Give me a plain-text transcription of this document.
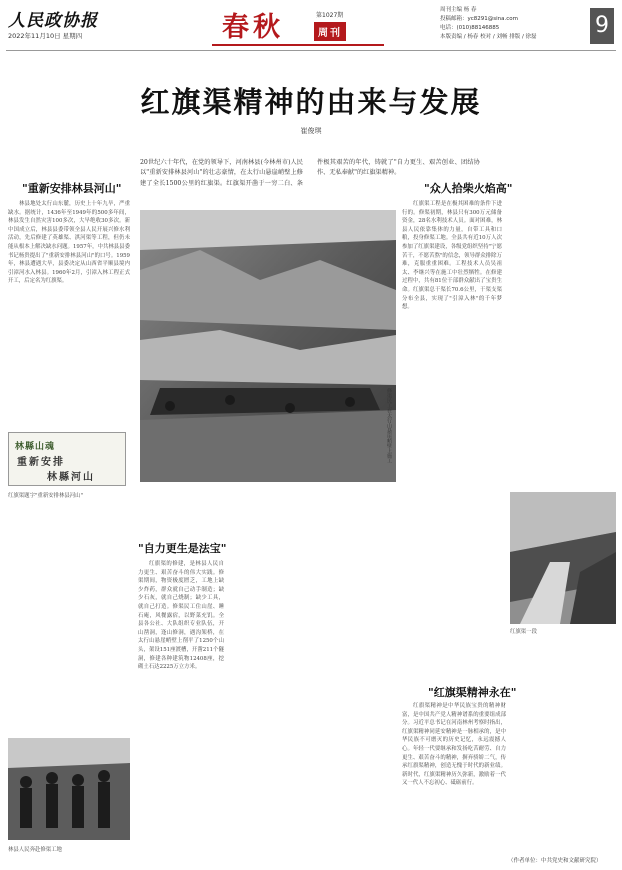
人民政协报
2022年11月10日 星期四	春秋	第1027期
周刊
周刊主编 杨 春
投稿邮箱：yc8291@sina.com
电话：(010)88146885
本版责编 / 杨春 校对 / 刘畅 排版 / 徐磊	9
红旗渠精神的由来与发展
崔俊琪
20世纪六十年代，在党的领导下，河南林县(今林州市)人民以"重新安排林县河山"的壮志豪情，在太行山悬崖峭壁上修建了全长1500公里的红旗渠。红旗渠开凿于一穷二白、条件极其艰苦的年代，铸就了"自力更生、艰苦创业、团结协作、无私奉献"的红旗渠精神。
"重新安排林县河山"
林县地处太行山东麓，历史上十年九旱，严重缺水。据统计，1436年至1949年的500多年间，林县发生自然灾害100多次，大旱绝收30多次。新中国成立后，林县县委带领全县人民开展兴修水利活动，先后修建了英雄渠、淇河渠等工程，但仍未能从根本上解决缺水问题。1957年，中共林县县委书记杨贵提出了"重新安排林县河山"的口号。1959年，林县遭遇大旱，县委决定从山西省平顺县境内引漳河水入林县。1960年2月，引漳入林工程正式开工，后定名为红旗渠。
林縣山魂
重新安排
林縣河山
红旗渠题字"重新安排林县河山"
修渠民工在太行山悬崖峭壁上施工
"众人拾柴火焰高"
红旗渠工程是在极其困难的条件下进行的。修渠初期，林县只有300万元储备资金，28名水利技术人员。面对困难，林县人民依靠集体的力量，自带工具和口粮，投身修渠工地。全县共有近10万人次参加了红旗渠建设，各级党组织坚持"宁愿苦干，不愿苦熬"的信念，领导群众排除万难，克服重重困难。工程技术人员吴祖太、李继兴等在施工中壮烈牺牲。在修建过程中，共有81位干部群众献出了宝贵生命。红旗渠总干渠长70.6公里，干渠支渠分布全县，实现了"引漳入林"的千年梦想。
"自力更生是法宝"
红旗渠的修建，是林县人民自力更生、艰苦奋斗的伟大实践。修渠期间，物资极度匮乏，工地上缺少炸药，群众就自己动手制造；缺少石灰，就自己烧制；缺少工具，就自己打造。修渠民工住山崖、睡石庵，风餐露宿，以野菜充饥。全县各公社、大队组织专业队伍，开山凿洞，逢山修洞，遇沟架桥，在太行山悬崖峭壁上削平了1250个山头，架设151座渡槽，开凿211个隧洞，修建各种建筑物12408座，挖砌土石达2225万立方米。
林县人民奔赴修渠工地
红旗渠一段
"红旗渠精神永在"
红旗渠精神是中华民族宝贵的精神财富，是中国共产党人精神谱系的重要组成部分。习近平总书记在河南林州考察时指出，红旗渠精神同延安精神是一脉相承的，是中华民族不可磨灭的历史记忆，永远震撼人心。年轻一代要继承和发扬吃苦耐劳、自力更生、艰苦奋斗的精神，摒弃骄娇二气，传承红旗渠精神，创造无愧于时代的新业绩。新时代，红旗渠精神历久弥新，激励着一代又一代人不忘初心、砥砺前行。
（作者单位：中共党史和文献研究院）
